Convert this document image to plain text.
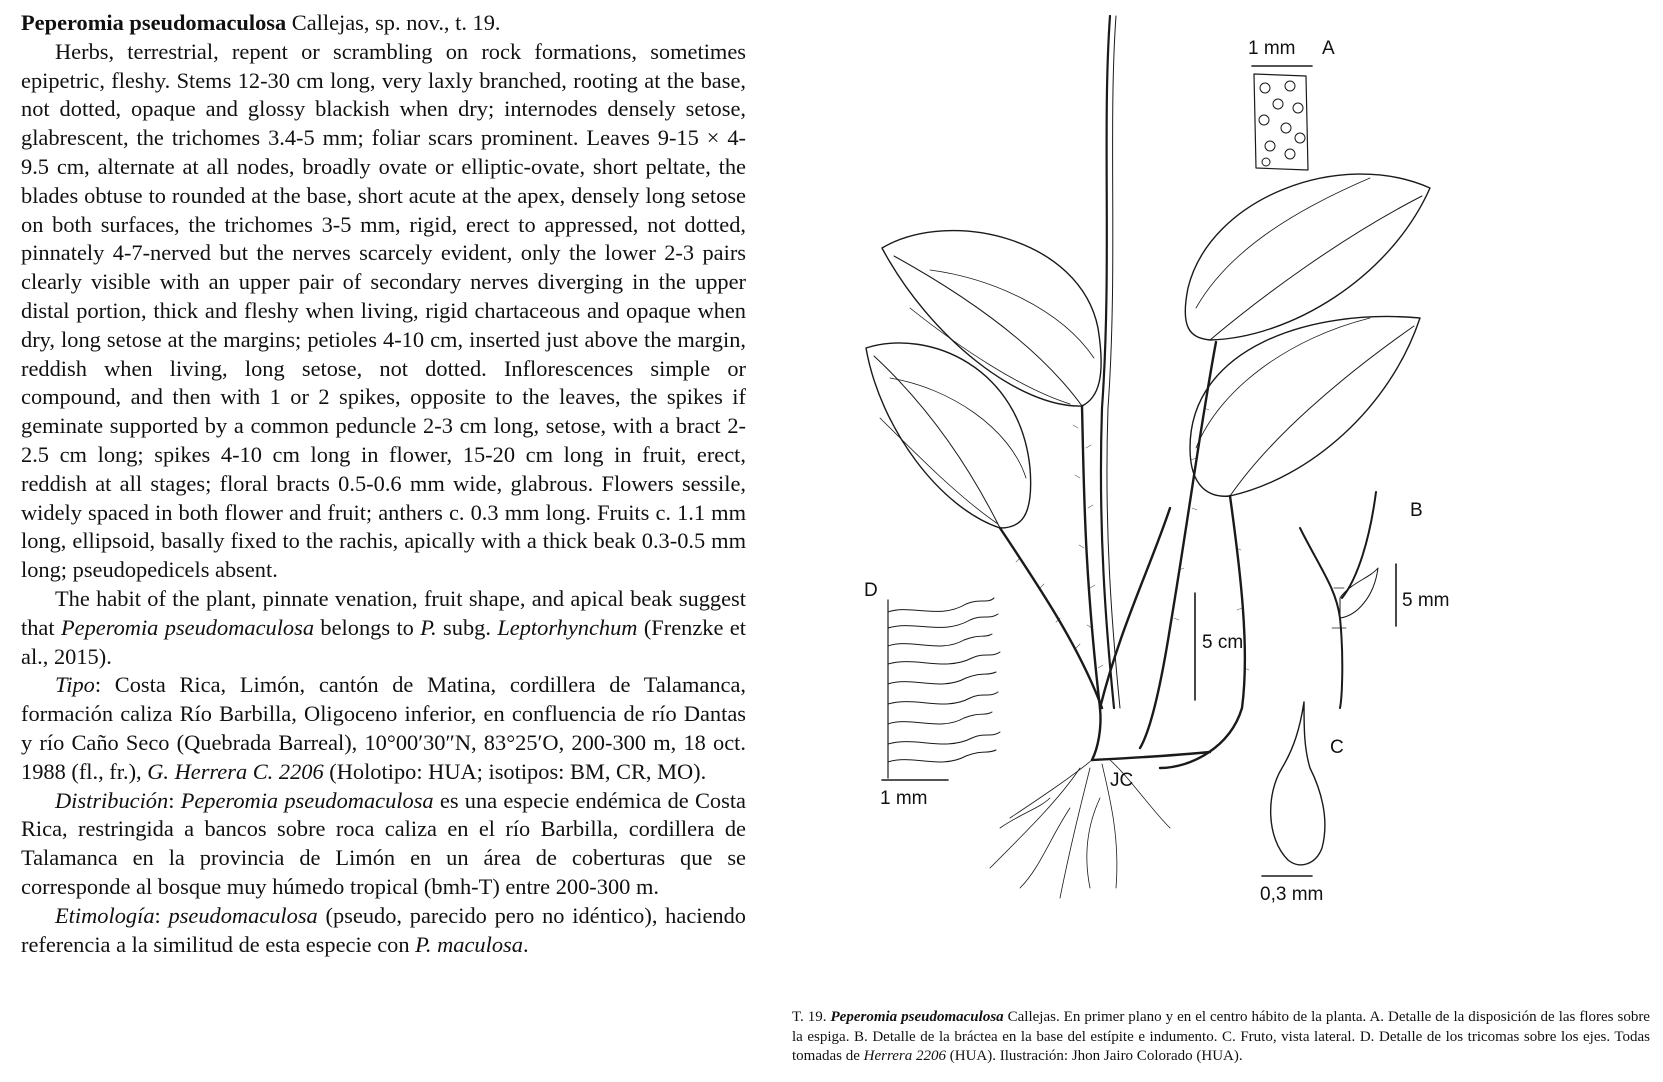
Peperomia pseudomaculosa Callejas, sp. nov., t. 19.

Herbs, terrestrial, repent or scrambling on rock formations, sometimes epipetric, fleshy. Stems 12-30 cm long, very laxly branched, rooting at the base, not dotted, opaque and glossy blackish when dry; internodes densely setose, glabrescent, the trichomes 3.4-5 mm; foliar scars prominent. Leaves 9-15 × 4-9.5 cm, alternate at all nodes, broadly ovate or elliptic-ovate, short peltate, the blades obtuse to rounded at the base, short acute at the apex, densely long setose on both surfaces, the trichomes 3-5 mm, rigid, erect to appressed, not dotted, pinnately 4-7-nerved but the nerves scarcely evident, only the lower 2-3 pairs clearly visible with an upper pair of secondary nerves diverging in the upper distal portion, thick and fleshy when living, rigid chartaceous and opaque when dry, long setose at the margins; petioles 4-10 cm, inserted just above the margin, reddish when living, long setose, not dotted. Inflorescences simple or compound, and then with 1 or 2 spikes, opposite to the leaves, the spikes if geminate supported by a common peduncle 2-3 cm long, setose, with a bract 2-2.5 cm long; spikes 4-10 cm long in flower, 15-20 cm long in fruit, erect, reddish at all stages; floral bracts 0.5-0.6 mm wide, glabrous. Flowers sessile, widely spaced in both flower and fruit; anthers c. 0.3 mm long. Fruits c. 1.1 mm long, ellipsoid, basally fixed to the rachis, apically with a thick beak 0.3-0.5 mm long; pseudopedicels absent.

The habit of the plant, pinnate venation, fruit shape, and apical beak suggest that Peperomia pseudomaculosa belongs to P. subg. Leptorhynchum (Frenzke et al., 2015).

Tipo: Costa Rica, Limón, cantón de Matina, cordillera de Talamanca, formación caliza Río Barbilla, Oligoceno inferior, en confluencia de río Dantas y río Caño Seco (Quebrada Barreal), 10°00′30″N, 83°25′O, 200-300 m, 18 oct. 1988 (fl., fr.), G. Herrera C. 2206 (Holotipo: HUA; isotipos: BM, CR, MO).

Distribución: Peperomia pseudomaculosa es una especie endémica de Costa Rica, restringida a bancos sobre roca caliza en el río Barbilla, cordillera de Talamanca en la provincia de Limón en un área de coberturas que se corresponde al bosque muy húmedo tropical (bmh-T) entre 200-300 m.

Etimología: pseudomaculosa (pseudo, parecido pero no idéntico), haciendo referencia a la similitud de esta especie con P. maculosa.

1 mm A
JC
5 cm
B
5 mm
C
0,3 mm
D
1 mm
T. 19. Peperomia pseudomaculosa Callejas. En primer plano y en el centro hábito de la planta. A. Detalle de la disposición de las flores sobre la espiga. B. Detalle de la bráctea en la base del estípite e indumento. C. Fruto, vista lateral. D. Detalle de los tricomas sobre los ejes. Todas tomadas de Herrera 2206 (HUA). Ilustración: Jhon Jairo Colorado (HUA).
